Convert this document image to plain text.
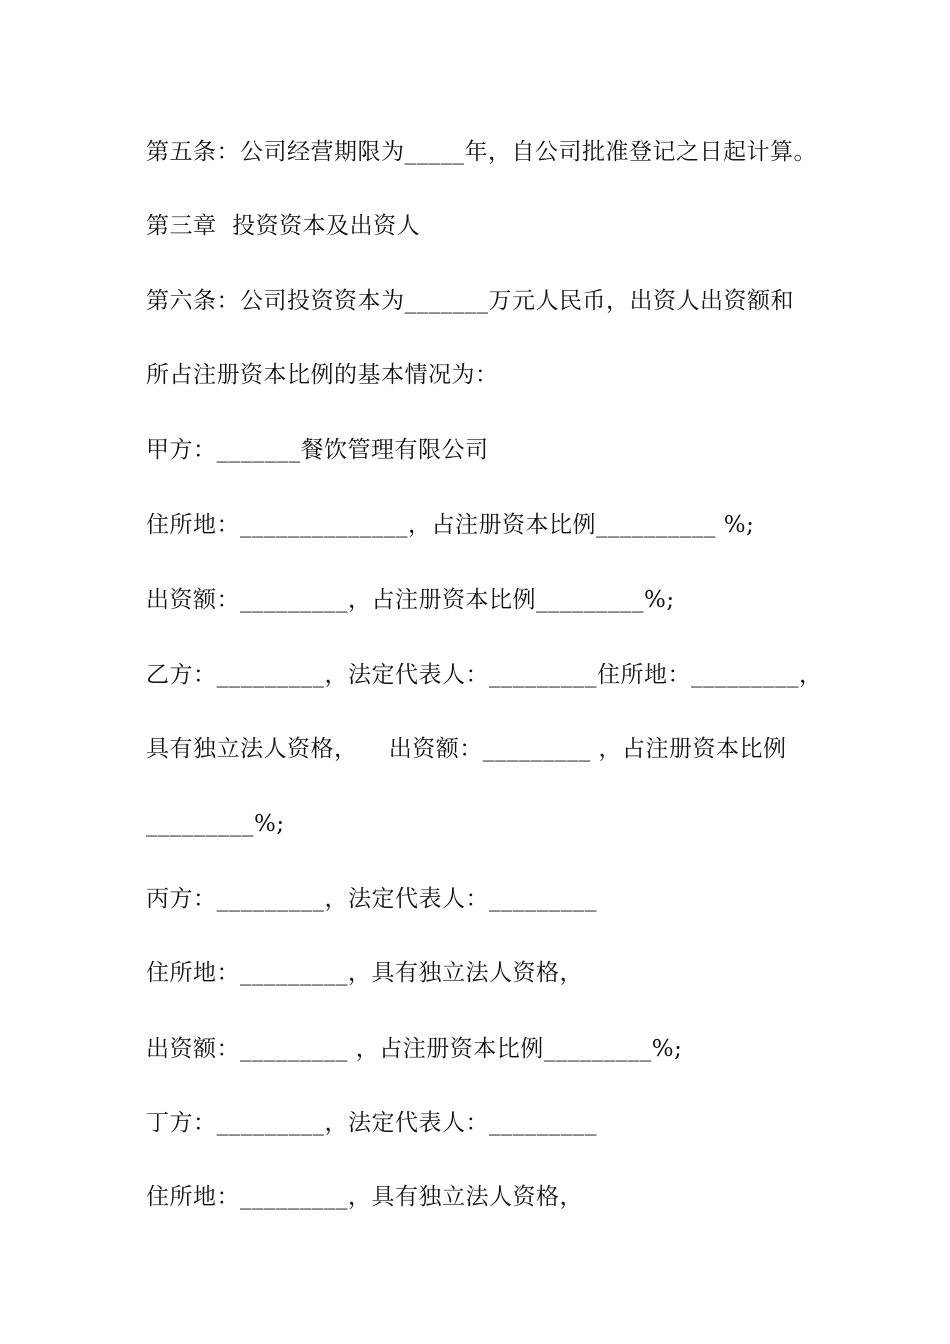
第五条：公司经营期限为_____年，自公司批准登记之日起计算。
第三章  投资资本及出资人
第六条：公司投资资本为_______万元人民币，出资人出资额和
所占注册资本比例的基本情况为：
甲方：_______餐饮管理有限公司
住所地：______________，占注册资本比例__________ %;
出资额：_________，占注册资本比例_________%;
乙方：_________，法定代表人：_________住所地：_________，
具有独立法人资格，    出资额：_________ ，占注册资本比例
_________%;
丙方：_________，法定代表人：_________
住所地：_________，具有独立法人资格，
出资额：_________ ，占注册资本比例_________%;
丁方：_________，法定代表人：_________
住所地：_________，具有独立法人资格，
